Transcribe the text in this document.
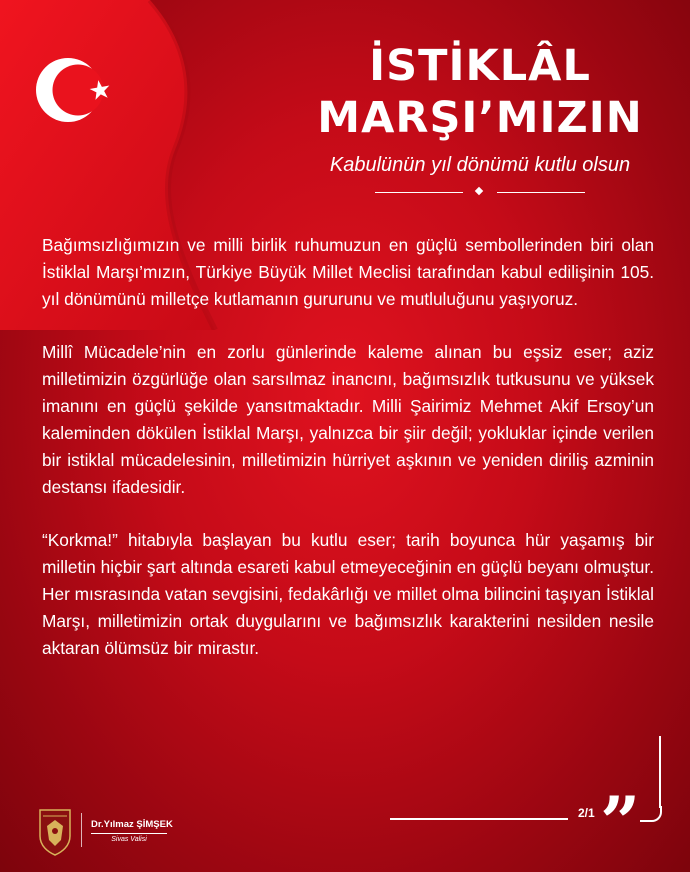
İSTİKLÂL
MARŞI’MIZIN
Kabulünün yıl dönümü kutlu olsun

Bağımsızlığımızın ve milli birlik ruhumuzun en güçlü sembollerinden biri olan İstiklal Marşı’mızın, Türkiye Büyük Millet Meclisi tarafından kabul edilişinin 105. yıl dönümünü milletçe kutlamanın gururunu ve mutluluğunu yaşıyoruz.

Millî Mücadele’nin en zorlu günlerinde kaleme alınan bu eşsiz eser; aziz milletimizin özgürlüğe olan sarsılmaz inancını, bağımsızlık tutkusunu ve yüksek imanını en güçlü şekilde yansıtmaktadır. Milli Şairimiz Mehmet Akif Ersoy’un kaleminden dökülen İstiklal Marşı, yalnızca bir şiir değil; yokluklar içinde verilen bir istiklal mücadelesinin, milletimizin hürriyet aşkının ve yeniden diriliş azminin destansı ifadesidir.

“Korkma!” hitabıyla başlayan bu kutlu eser; tarih boyunca hür yaşamış bir milletin hiçbir şart altında esareti kabul etmeyeceğinin en güçlü beyanı olmuştur. Her mısrasında vatan sevgisini, fedakârlığı ve millet olma bilincini taşıyan İstiklal Marşı, milletimizin ortak duygularını ve bağımsızlık karakterini nesilden nesile aktaran ölümsüz bir mirastır.

2/1 ”
Dr.Yılmaz ŞİMŞEK
Sivas Valisi
